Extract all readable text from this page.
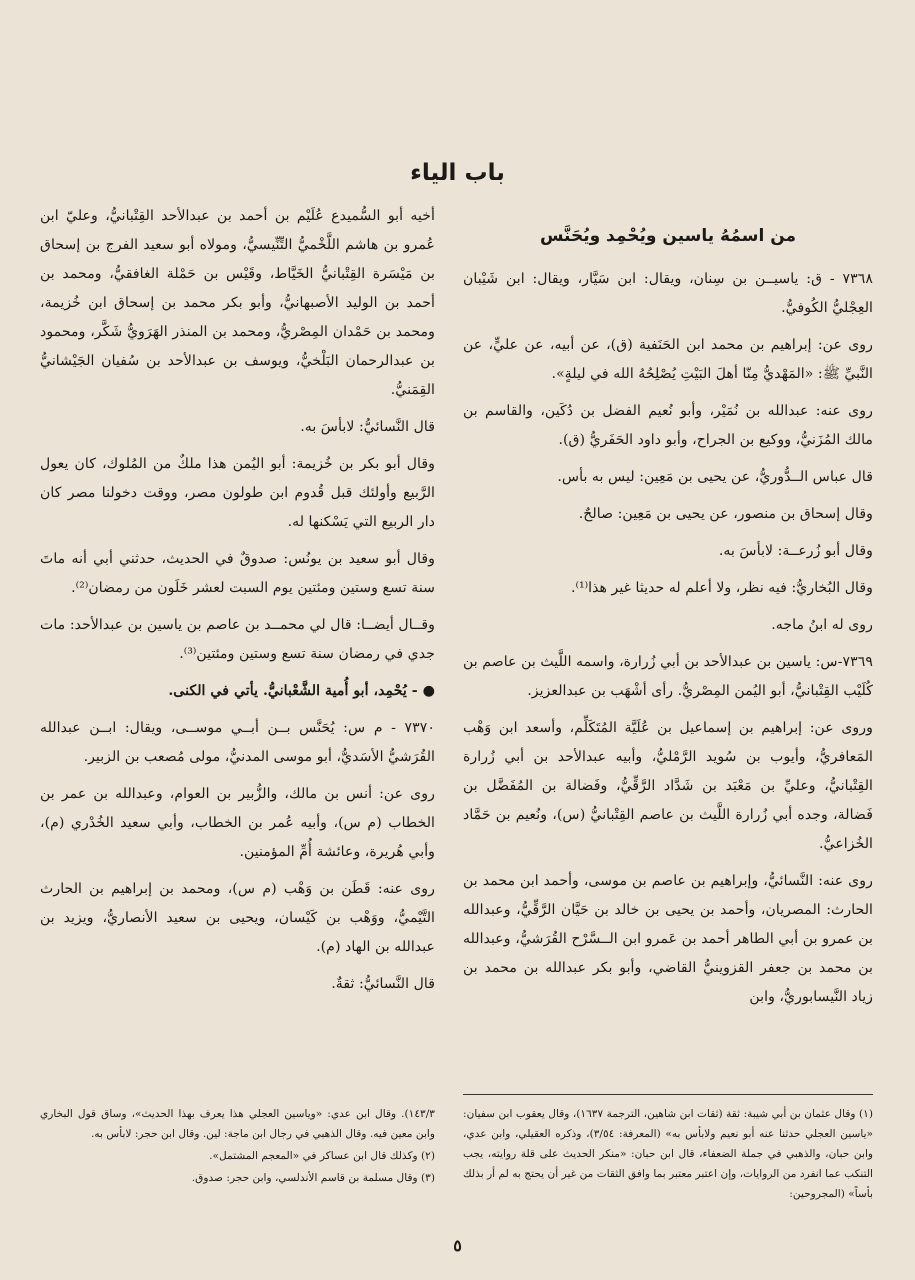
باب الياء
من اسمُهُ ياسين ويُحْمِد ويُحَنَّس

٧٣٦٨ - ق: ياسيــن بن سِنان، ويقال: ابن سَيَّار، ويقال: ابن شَيْبان العِجْليُّ الكُوفيُّ.

روى عن: إبراهيم بن محمد ابن الحَنَفية (ق)، عن أبيه، عن عليٍّ، عن النَّبيِّ ﷺ: «المَهْديُّ مِنّا أهلَ البَيْتِ يُصْلِحُهُ الله في ليلةٍ».

روى عنه: عبدالله بن نُمَيْر، وأبو نُعيم الفضل بن دُكَين، والقاسم بن مالك المُزَنيُّ، ووكيع بن الجراح، وأبو داود الحَفَريُّ (ق).

قال عباس الــدُّوريُّ، عن يحيى بن مَعِين: ليس به بأس.

وقال إسحاق بن منصور، عن يحيى بن مَعِين: صالحٌ.

وقال أبو زُرعــة: لابأسَ به.

وقال البُخاريُّ: فيه نظر، ولا أعلم له حديثا غير هذا⁽¹⁾.

روى له ابنُ ماجه.

٧٣٦٩-س: ياسين بن عبدالأحد بن أبي زُرارة، واسمه اللَّيث بن عاصم بن كُلَيْب القِتْبانيُّ، أبو اليُمن المِصْريُّ. رأى أشْهَب بن عبدالعزيز.

وروى عن: إبراهيم بن إسماعيل بن عُلَيَّة المُتَكَلِّم، وأسعد ابن وَهْب المَعافريُّ، وأيوب بن سُويد الرَّمْليُّ، وأبيه عبدالأحد بن أبي زُرارة القِتْبانيُّ، وعليِّ بن مَعْبَد بن شَدَّاد الرَّقِّيُّ، وفَضالة بن المُفَضَّل بن فَضالة، وجده أبي زُرارة اللَّيث بن عاصم القِتْبانيُّ (س)، ونُعيم بن حَمَّاد الخُزاعيُّ.

روى عنه: النَّسائيُّ، وإبراهيم بن عاصم بن موسى، وأحمد ابن محمد بن الحارث: المصريان، وأحمد بن يحيى بن خالد بن حَيَّان الرَّقِّيُّ، وعبدالله بن عمرو بن أبي الطاهر أحمد بن عَمرو ابن الــسَّرْح القُرَشيُّ، وعبدالله بن محمد بن جعفر القزوينيُّ القاضي، وأبو بكر عبدالله بن محمد بن زياد النَّيسابوريُّ، وابن

أخيه أبو السُّميدع عُلَيْم بن أحمد بن عبدالأحد القِتْبانيُّ، وعليّ ابن عُمرو بن هاشم اللَّخْميُّ التِّنِّيسيُّ، ومولاه أبو سعيد الفرج بن إسحاق بن مَيْسَرة القِتْبانيُّ الخَيَّاط، وقَيْس بن حَمْلة الغافقيُّ، ومحمد بن أحمد بن الوليد الأصبهانيُّ، وأبو بكر محمد بن إسحاق ابن خُزيمة، ومحمد بن حَمْدان المِصْريُّ، ومحمد بن المنذر الهَرَويُّ شَكَّر، ومحمود بن عبدالرحمان البَلْخيُّ، ويوسف بن عبدالأحد بن سُفيان الجَيْشانيُّ القِمَنيُّ.

قال النَّسائيُّ: لابأسَ به.

وقال أبو بكر بن خُزيمة: أبو اليُمن هذا ملكٌ من المُلوك، كان يعول الرَّبيع وأولئك قبل قُدوم ابن طولون مصر، ووقت دخولنا مصر كان دار الربيع التي يَسْكنها له.

وقال أبو سعيد بن يونُس: صدوقٌ في الحديث، حدثني أبي أنه ماتَ سنة تسع وستين ومئتين يوم السبت لعشر خَلَون من رمضان⁽²⁾.

وقــال أيضــا: قال لي محمــد بن عاصم بن ياسين بن عبدالأحد: مات جدي في رمضان سنة تسع وستين ومئتين⁽³⁾.

● - يُحْمِد، أبو أُمية الشَّعْبانيُّ. يأتي في الكنى.

٧٣٧٠ - م س: يُحَنَّس بــن أبــي موســى، ويقال: ابــن عبدالله القُرَشيُّ الأسَديُّ، أبو موسى المدنيُّ، مولى مُصعب بن الزبير.

روى عن: أنس بن مالك، والزُّبير بن العوام، وعبدالله بن عمر بن الخطاب (م س)، وأبيه عُمر بن الخطاب، وأبي سعيد الخُدْري (م)، وأبي هُريرة، وعائشة أُمِّ المؤمنين.

روى عنه: قَطَن بن وَهْب (م س)، ومحمد بن إبراهيم بن الحارث التَّيْميُّ، ووَهْب بن كَيْسان، ويحيى بن سعيد الأنصاريُّ، ويزيد بن عبدالله بن الهاد (م).

قال النَّسائيُّ: ثقةٌ.

(١) وقال عثمان بن أبي شيبة: ثقة (ثقات ابن شاهين، الترجمة ١٦٣٧)، وقال يعقوب ابن سفيان: «ياسين العجلي حدثنا عنه أبو نعيم ولابأس به» (المعرفة: ٣/٥٤)، وذكره العقيلي، وابن عدي، وابن حبان، والذهبي في جملة الضعفاء، قال ابن حبان: «منكر الحديث على قلة روايته، يجب التنكب عما انفرد من الروايات، وإن اعتبر معتبر بما وافق الثقات من غير أن يحتج به لم أر بذلك بأساً» (المجروحين:

١٤٣/٣). وقال ابن عدي: «وياسين العجلي هذا يعرف بهذا الحديث»، وساق قول البخاري وابن معين فيه. وقال الذهبي في رجال ابن ماجة: لين. وقال ابن حجر: لابأس به.

(٢) وكذلك قال ابن عساكر في «المعجم المشتمل».

(٣) وقال مسلمة بن قاسم الأندلسي، وابن حجر: صدوق.

٥
